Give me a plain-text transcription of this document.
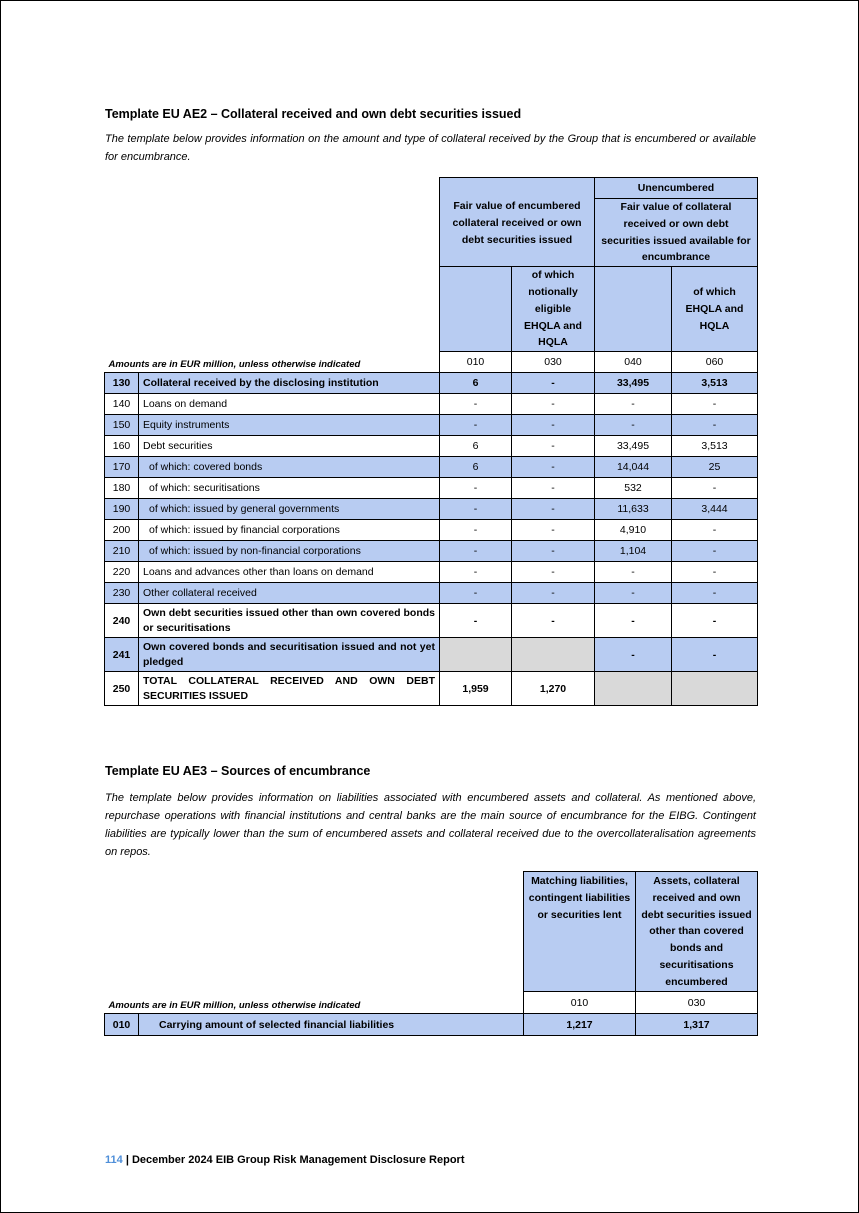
Template EU AE2 – Collateral received and own debt securities issued
The template below provides information on the amount and type of collateral received by the Group that is encumbered or available for encumbrance.
		Fair value of encumbered collateral received or own debt securities issued		Unencumbered	
				Fair value of collateral received or own debt securities issued available for encumbrance	

			of which notionally eligible EHQLA and HQLA		of which EHQLA and HQLA
Amounts are in EUR million, unless otherwise indicated		010	030	040	060
130	Collateral received by the disclosing institution	6	-	33,495	3,513
140	Loans on demand	-	-	-	-
150	Equity instruments	-	-	-	-
160	Debt securities	6	-	33,495	3,513
170	of which: covered bonds	6	-	14,044	25
180	of which: securitisations	-	-	532	-
190	of which: issued by general governments	-	-	11,633	3,444
200	of which: issued by financial corporations	-	-	4,910	-
210	of which: issued by non-financial corporations	-	-	1,104	-
220	Loans and advances other than loans on demand	-	-	-	-
230	Other collateral received	-	-	-	-
240	Own debt securities issued other than own covered bonds or securitisations	-	-	-	-
241	Own covered bonds and securitisation issued and not yet pledged			-	-
250	TOTAL COLLATERAL RECEIVED AND OWN DEBT SECURITIES ISSUED	1,959	1,270		
Template EU AE3 – Sources of encumbrance
The template below provides information on liabilities associated with encumbered assets and collateral. As mentioned above, repurchase operations with financial institutions and central banks are the main source of encumbrance for the EIBG. Contingent liabilities are typically lower than the sum of encumbered assets and collateral received due to the overcollateralisation agreements on repos.
		Matching liabilities, contingent liabilities or securities lent	Assets, collateral received and own debt securities issued other than covered bonds and securitisations encumbered
Amounts are in EUR million, unless otherwise indicated		010	030
010	Carrying amount of selected financial liabilities	1,217	1,317
114 | December 2024 EIB Group Risk Management Disclosure Report
